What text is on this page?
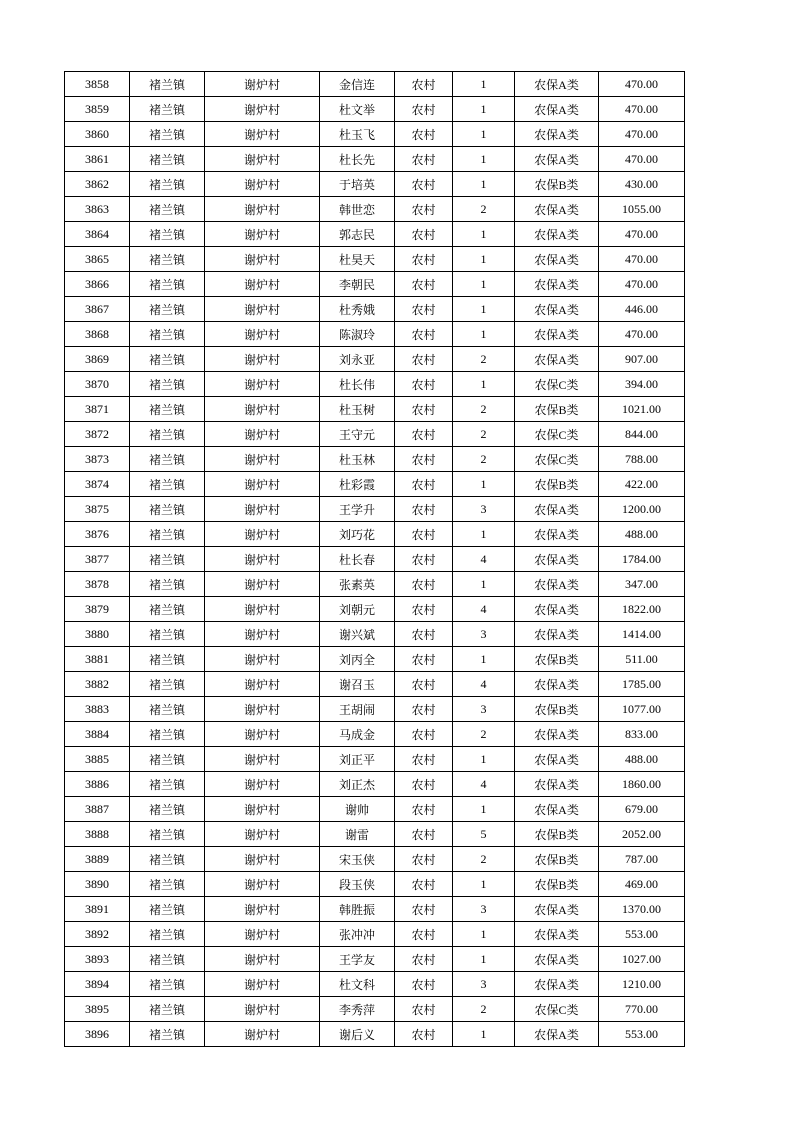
3858	褚兰镇	谢炉村	金信连	农村	1	农保A类	470.00
3859	褚兰镇	谢炉村	杜文举	农村	1	农保A类	470.00
3860	褚兰镇	谢炉村	杜玉飞	农村	1	农保A类	470.00
3861	褚兰镇	谢炉村	杜长先	农村	1	农保A类	470.00
3862	褚兰镇	谢炉村	于培英	农村	1	农保B类	430.00
3863	褚兰镇	谢炉村	韩世恋	农村	2	农保A类	1055.00
3864	褚兰镇	谢炉村	郭志民	农村	1	农保A类	470.00
3865	褚兰镇	谢炉村	杜昊天	农村	1	农保A类	470.00
3866	褚兰镇	谢炉村	李朝民	农村	1	农保A类	470.00
3867	褚兰镇	谢炉村	杜秀娥	农村	1	农保A类	446.00
3868	褚兰镇	谢炉村	陈淑玲	农村	1	农保A类	470.00
3869	褚兰镇	谢炉村	刘永亚	农村	2	农保A类	907.00
3870	褚兰镇	谢炉村	杜长伟	农村	1	农保C类	394.00
3871	褚兰镇	谢炉村	杜玉树	农村	2	农保B类	1021.00
3872	褚兰镇	谢炉村	王守元	农村	2	农保C类	844.00
3873	褚兰镇	谢炉村	杜玉林	农村	2	农保C类	788.00
3874	褚兰镇	谢炉村	杜彩霞	农村	1	农保B类	422.00
3875	褚兰镇	谢炉村	王学升	农村	3	农保A类	1200.00
3876	褚兰镇	谢炉村	刘巧花	农村	1	农保A类	488.00
3877	褚兰镇	谢炉村	杜长春	农村	4	农保A类	1784.00
3878	褚兰镇	谢炉村	张素英	农村	1	农保A类	347.00
3879	褚兰镇	谢炉村	刘朝元	农村	4	农保A类	1822.00
3880	褚兰镇	谢炉村	谢兴斌	农村	3	农保A类	1414.00
3881	褚兰镇	谢炉村	刘丙全	农村	1	农保B类	511.00
3882	褚兰镇	谢炉村	谢召玉	农村	4	农保A类	1785.00
3883	褚兰镇	谢炉村	王胡闹	农村	3	农保B类	1077.00
3884	褚兰镇	谢炉村	马成金	农村	2	农保A类	833.00
3885	褚兰镇	谢炉村	刘正平	农村	1	农保A类	488.00
3886	褚兰镇	谢炉村	刘正杰	农村	4	农保A类	1860.00
3887	褚兰镇	谢炉村	谢帅	农村	1	农保A类	679.00
3888	褚兰镇	谢炉村	谢雷	农村	5	农保B类	2052.00
3889	褚兰镇	谢炉村	宋玉侠	农村	2	农保B类	787.00
3890	褚兰镇	谢炉村	段玉侠	农村	1	农保B类	469.00
3891	褚兰镇	谢炉村	韩胜振	农村	3	农保A类	1370.00
3892	褚兰镇	谢炉村	张冲冲	农村	1	农保A类	553.00
3893	褚兰镇	谢炉村	王学友	农村	1	农保A类	1027.00
3894	褚兰镇	谢炉村	杜文科	农村	3	农保A类	1210.00
3895	褚兰镇	谢炉村	李秀萍	农村	2	农保C类	770.00
3896	褚兰镇	谢炉村	谢后义	农村	1	农保A类	553.00
